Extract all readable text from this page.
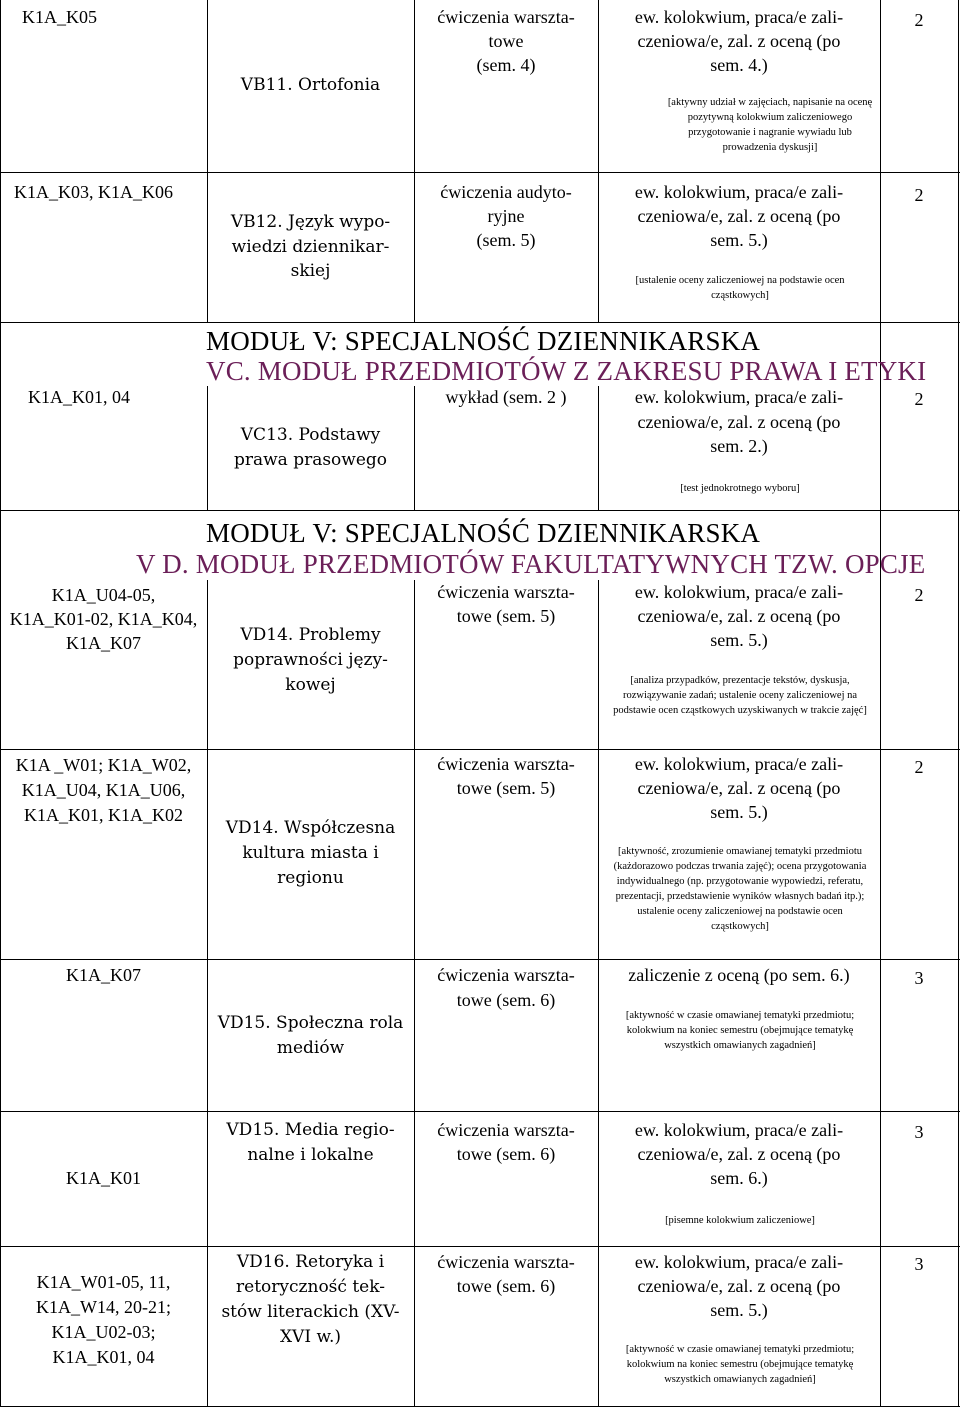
K1A_K05
VB11. Ortofonia
ćwiczenia warszta-
towe
(sem. 4)
ew. kolokwium, praca/e zali-
czeniowa/e, zal. z oceną (po
sem. 4.)
[aktywny udział w zajęciach, napisanie na ocenę pozytywną kolokwium zaliczeniowego przygotowanie i nagranie wywiadu lub prowadzenia dyskusji]
2
K1A_K03, K1A_K06
VB12. Język wypo-
wiedzi dziennikar-
skiej
ćwiczenia audyto-
ryjne
(sem. 5)
ew. kolokwium, praca/e zali-
czeniowa/e, zal. z oceną (po
sem. 5.)
[ustalenie oceny zaliczeniowej na podstawie ocen cząstkowych]
2
MODUŁ V: SPECJALNOŚĆ DZIENNIKARSKA
VC. MODUŁ PRZEDMIOTÓW Z ZAKRESU PRAWA I ETYKI
K1A_K01, 04
VC13. Podstawy
prawa prasowego
wykład (sem. 2 )	ew. kolokwium, praca/e zali-
czeniowa/e, zal. z oceną (po
sem. 2.)
[test jednokrotnego wyboru]
2
MODUŁ V: SPECJALNOŚĆ DZIENNIKARSKA
V D. MODUŁ PRZEDMIOTÓW FAKULTATYWNYCH TZW. OPCJE
K1A_U04-05,
K1A_K01-02, K1A_K04,
K1A_K07	VD14. Problemy
poprawności języ-
kowej
ćwiczenia warszta-
towe (sem. 5)
ew. kolokwium, praca/e zali-
czeniowa/e, zal. z oceną (po
sem. 5.)
[analiza przypadków, prezentacje tekstów, dyskusja, rozwiązywanie zadań; ustalenie oceny zaliczeniowej na podstawie ocen cząstkowych uzyskiwanych w trakcie zajęć]
2
K1A _W01; K1A_W02,
K1A_U04, K1A_U06,
K1A_K01, K1A_K02
VD14. Współczesna
kultura miasta i
regionu
ćwiczenia warszta-
towe (sem. 5)
ew. kolokwium, praca/e zali-
czeniowa/e, zal. z oceną (po
sem. 5.)
[aktywność, zrozumienie omawianej tematyki przedmiotu (każdorazowo podczas trwania zajęć); ocena przygotowania indywidualnego (np. przygotowanie wypowiedzi, referatu, prezentacji, przedstawienie wyników własnych badań itp.); ustalenie oceny zaliczeniowej na podstawie ocen cząstkowych]
2
K1A_K07
VD15. Społeczna rola
mediów
ćwiczenia warszta-
towe (sem. 6)
zaliczenie z oceną (po sem. 6.)
[aktywność w czasie omawianej tematyki przedmiotu; kolokwium na koniec semestru (obejmujące tematykę wszystkich omawianych zagadnień]
3
K1A_K01
VD15. Media regio-
nalne i lokalne
ćwiczenia warszta-
towe (sem. 6)
ew. kolokwium, praca/e zali-
czeniowa/e, zal. z oceną (po
sem. 6.)
[pisemne kolokwium zaliczeniowe]
3
K1A_W01-05, 11,
K1A_W14, 20-21;
K1A_U02-03;
K1A_K01, 04
VD16. Retoryka i
retoryczność tek-
stów literackich (XV-
XVI w.)
ćwiczenia warszta-
towe (sem. 6)
ew. kolokwium, praca/e zali-
czeniowa/e, zal. z oceną (po
sem. 5.)
[aktywność w czasie omawianej tematyki przedmiotu; kolokwium na koniec semestru (obejmujące tematykę wszystkich omawianych zagadnień]
3
